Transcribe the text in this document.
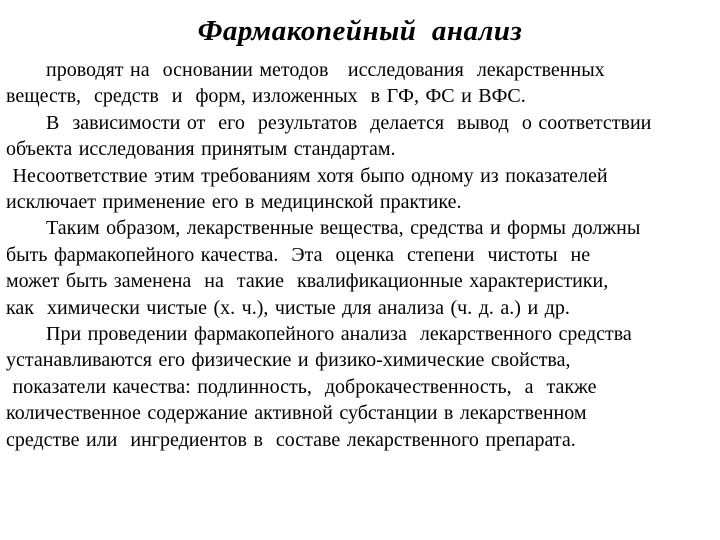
Фармакопейный  анализ
проводят на  основании методов   исследования  лекарственных
веществ,  средств  и  форм, изложенных  в ГФ, ФС и ВФС.
В  зависимости от  его  результатов  делается  вывод  о соответствии
объекта исследования принятым стандартам.
Несоответствие этим требованиям хотя быпо одному из показателей
исключает применение его в медицинской практике.
Таким образом, лекарственные вещества, средства и формы должны
быть фармакопейного качества.  Эта  оценка  степени  чистоты  не
может быть заменена  на  такие  квалификационные характеристики,
как  химически чистые (х. ч.), чистые для анализа (ч. д. а.) и др.
При проведении фармакопейного анализа  лекарственного средства
устанавливаются его физические и физико-химические свойства,
показатели качества: подлинность,  доброкачественность,  а  также
количественное содержание активной субстанции в лекарственном
средстве или  ингредиентов в  составе лекарственного препарата.
